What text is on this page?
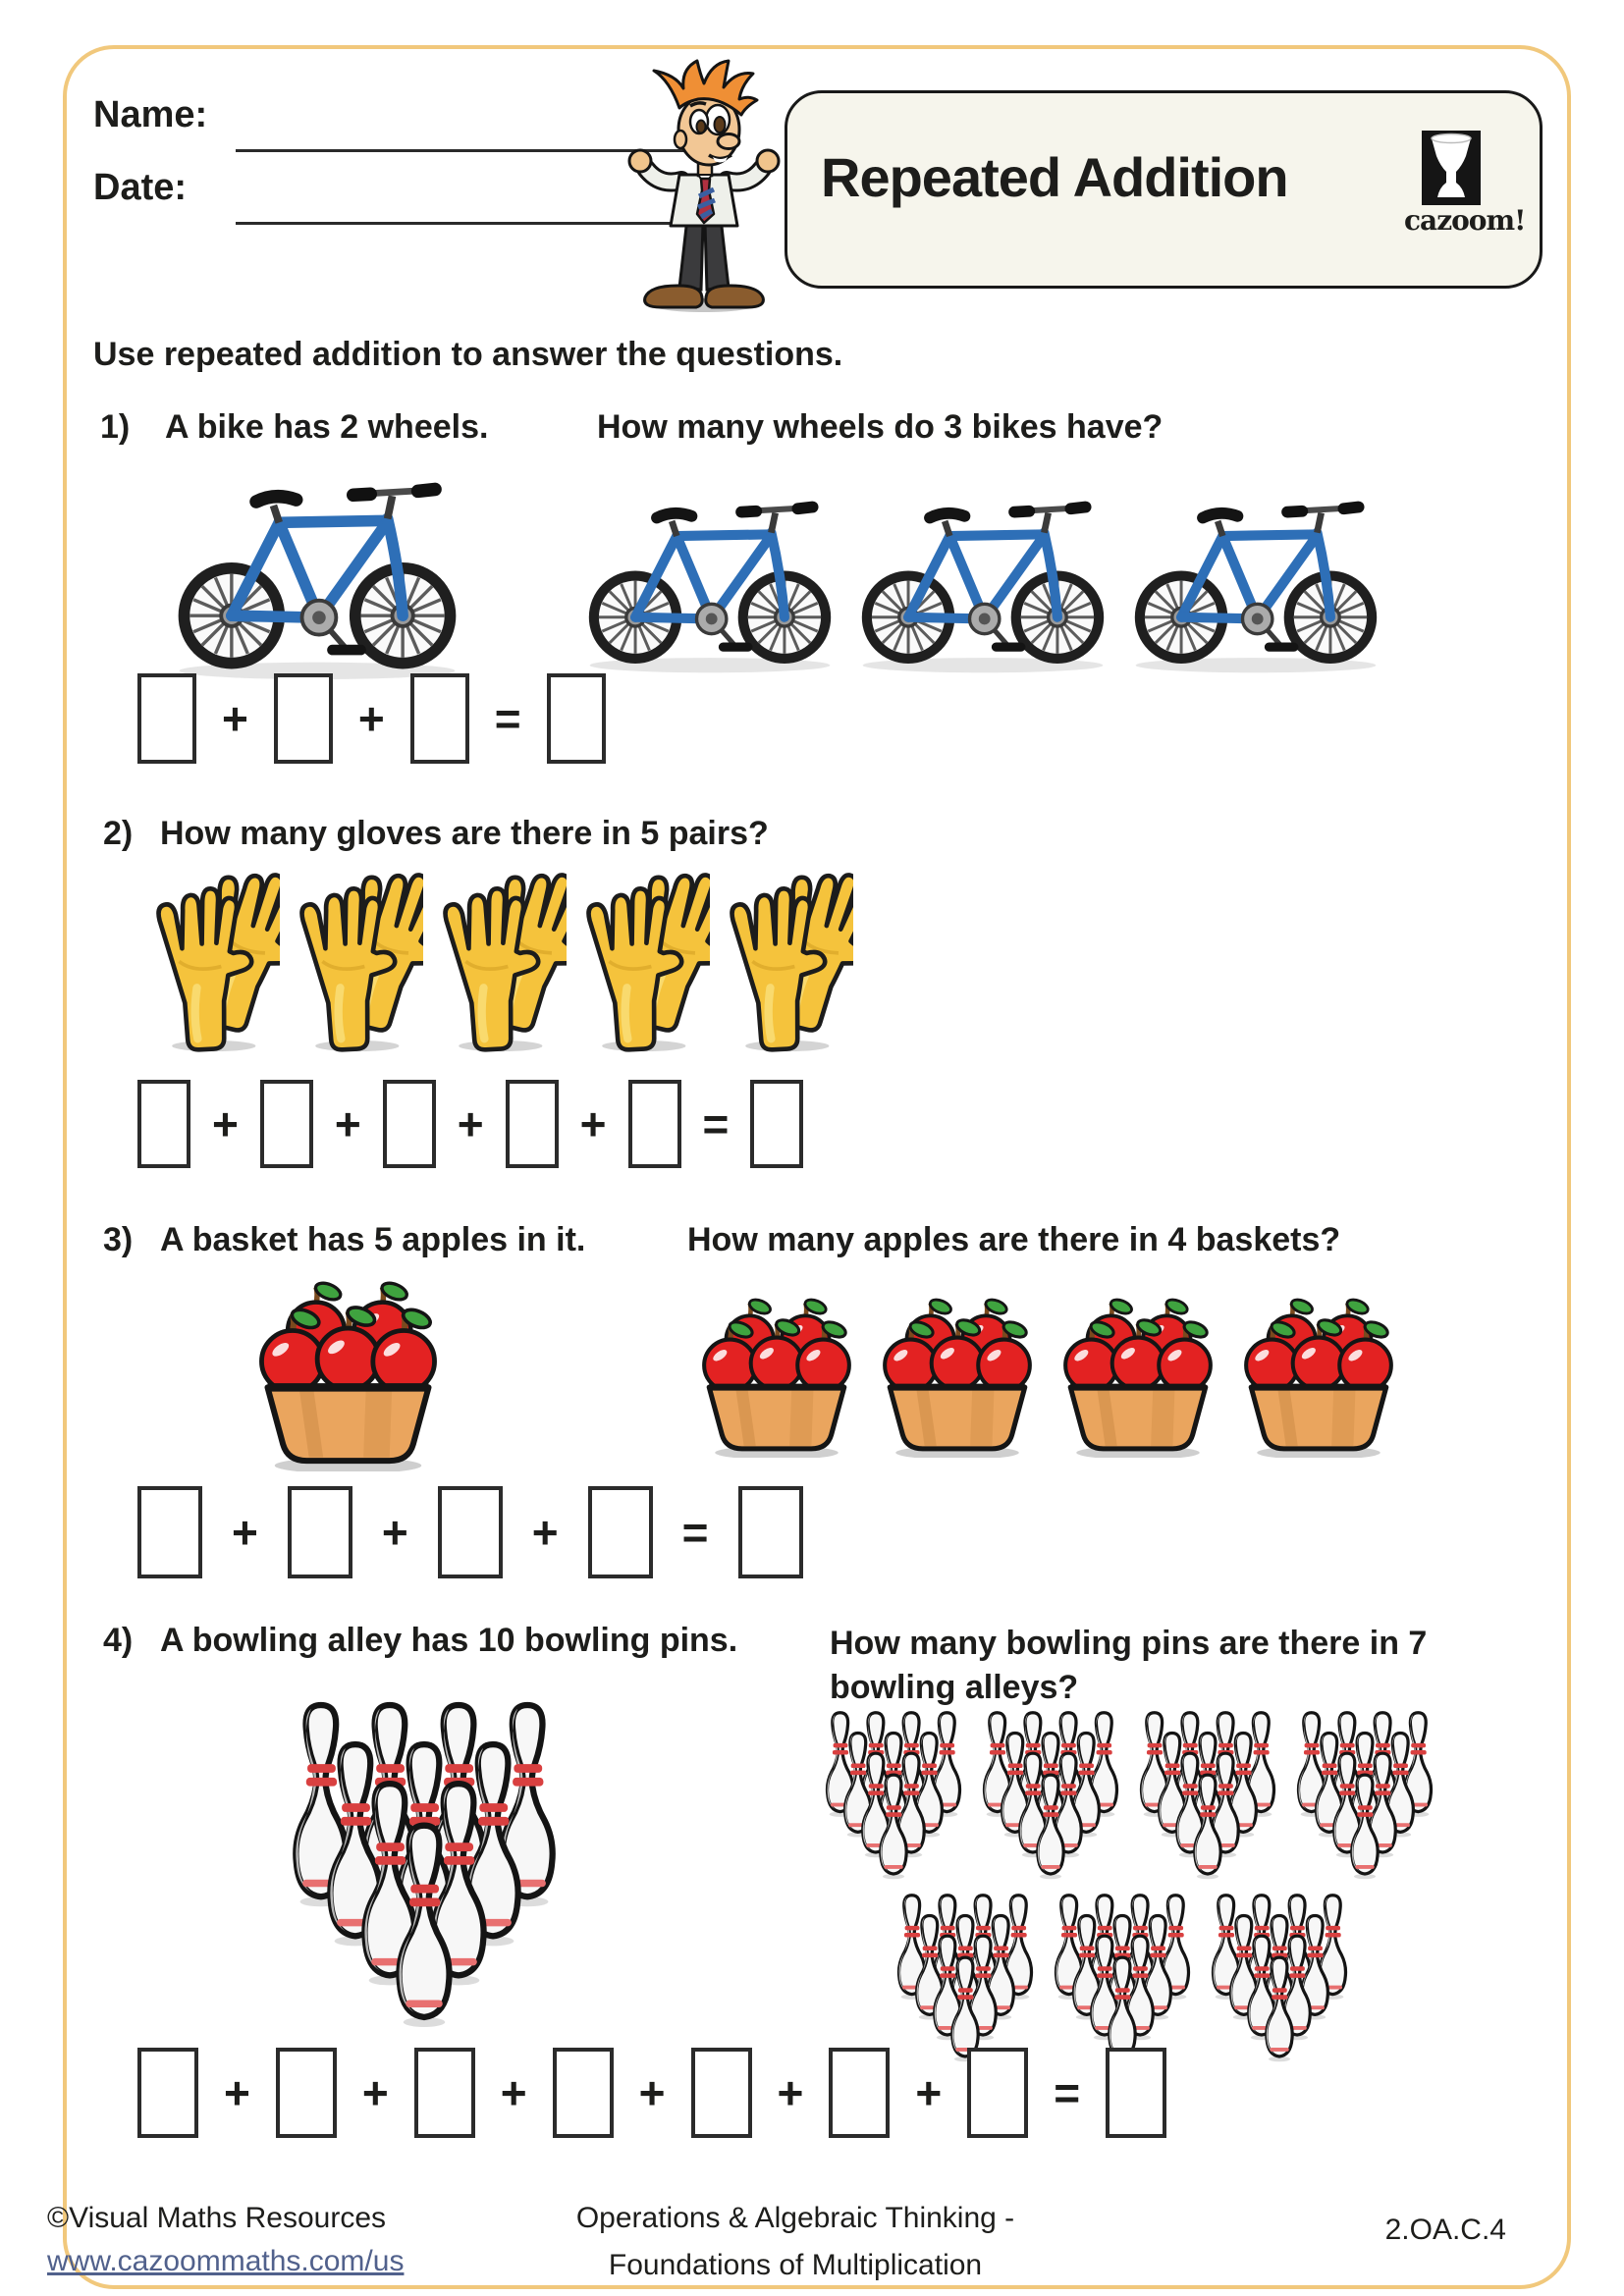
Name:
Date:	Repeated Addition
cazoom!
Use repeated addition to answer the questions.
1) A bike has 2 wheels.	How many wheels do 3 bikes have?
+ + =
2) How many gloves are there in 5 pairs?
+ + + + =
3) A basket has 5 apples in it.	How many apples are there in 4 baskets?
+	+	+	=
4) A bowling alley has 10 bowling pins.	How many bowling pins are there in 7 bowling alleys?
+ + + + + + =
©Visual Maths Resources
www.cazoommaths.com/us
Operations & Algebraic Thinking -
Foundations of Multiplication
2.OA.C.4
